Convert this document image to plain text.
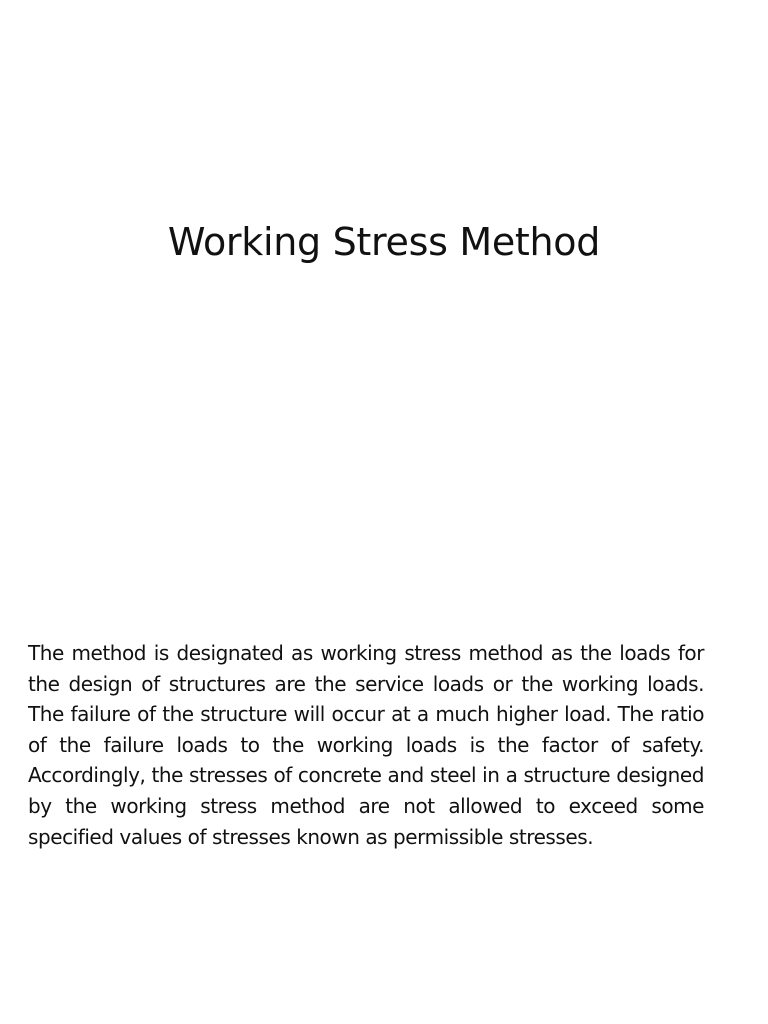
Working Stress Method

The method is designated as working stress method as the loads for the design of structures are the service loads or the working loads. The failure of the structure will occur at a much higher load. The ratio of the failure loads to the working loads is the factor of safety. Accordingly, the stresses of concrete and steel in a structure designed by the working stress method are not allowed to exceed some specified values of stresses known as permissible stresses.
